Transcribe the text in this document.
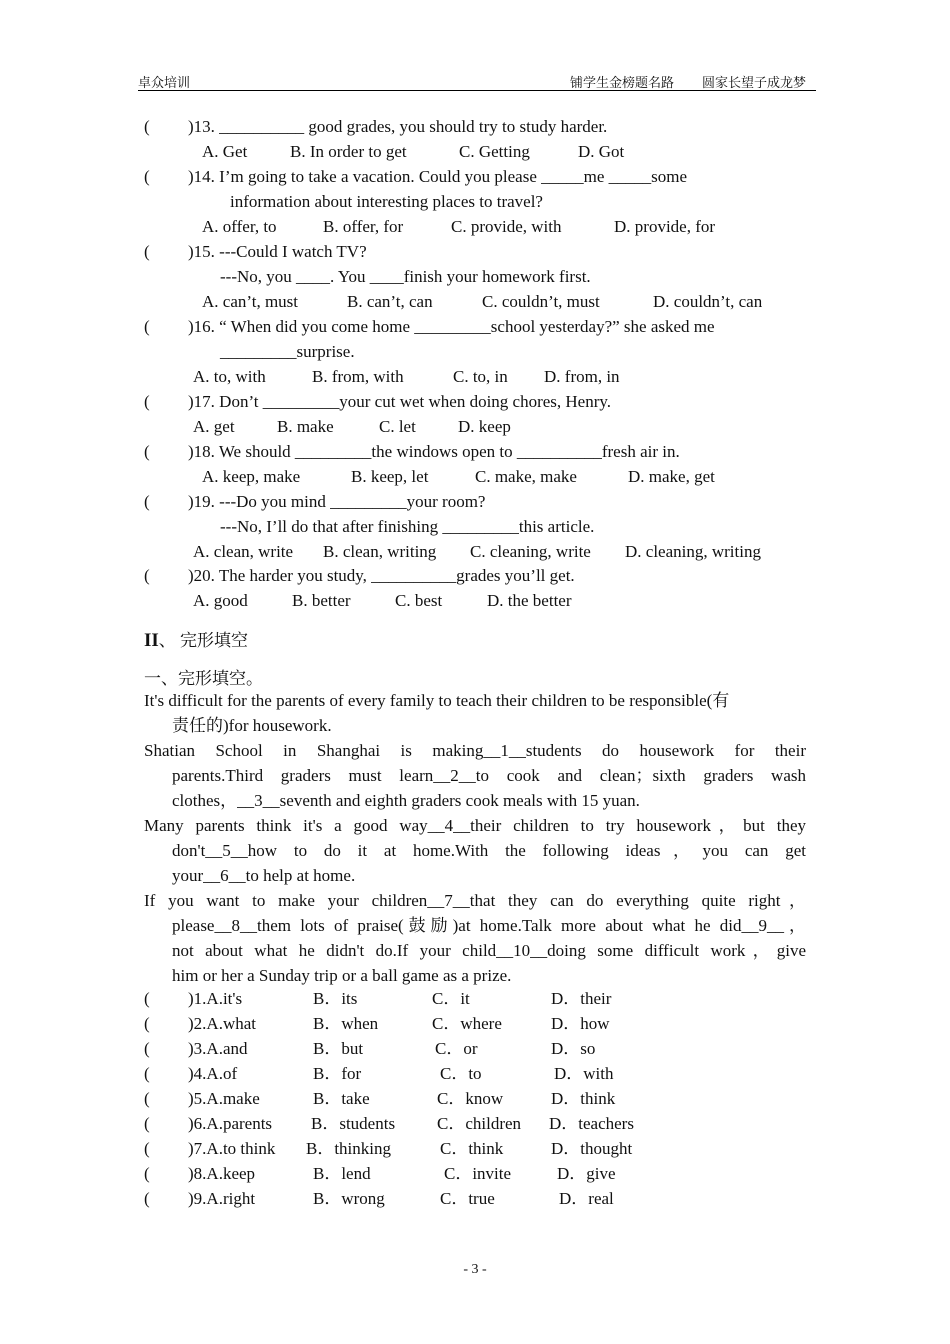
卓众培训	铺学生金榜题名路 圆家长望子成龙梦
( )13. __________ good grades, you should try to study harder.
A. Get	B. In order to get	C. Getting	D. Got
( )14. I’m going to take a vacation. Could you please _____me _____some
information about interesting places to travel?
A. offer, to	B. offer, for	C. provide, with	D. provide, for
( )15. ---Could I watch TV?
---No, you ____. You ____finish your homework first.
A. can’t, must	B. can’t, can	C. couldn’t, must	D. couldn’t, can
( )16. “ When did you come home _________school yesterday?” she asked me
_________surprise.
A. to, with	B. from, with	C. to, in D. from, in
( )17. Don’t _________your cut wet when doing chores, Henry.
A. get B. make	C. let D. keep
( )18. We should _________the windows open to __________fresh air in.
A. keep, make	B. keep, let	C. make, make	D. make, get
( )19. ---Do you mind _________your room?
---No, I’ll do that after finishing _________this article.
A. clean, write B. clean, writing C. cleaning, write D. cleaning, writing
( )20. The harder you study, __________grades you’ll get.
A. good	B. better	C. best	D. the better
II、 完形填空
一、完形填空。
It's difficult for the parents of every family to teach their children to be responsible(有
责任的)for housework.
Shatian School in Shanghai is making__1__students do housework for their
parents.Third graders must learn__2__to cook and clean；sixth graders wash
clothes，__3__seventh and eighth graders cook meals with 15 yuan.
Many parents think it's a good way__4__their children to try housework，but they
don't__5__how to do it at home.With the following ideas，you can get
your__6__to help at home.
If you want to make your children__7__that they can do everything quite right，
please__8__them lots of praise(鼓励)at home.Talk more about what he did__9__，
not about what he didn't do.If your child__10__doing some difficult work，give
him or her a Sunday trip or a ball game as a prize.
( )1.A.it's	B．its	C．it	D．their
( )2.A.what	B．when	C．where	D．how
( )3.A.and	B．but	C．or	D．so
( )4.A.of	B．for	C．to	D．with
( )5.A.make	B．take	C．know	D．think
( )6.A.parents B．students C．children D．teachers
( )7.A.to think B．thinking	C．think	D．thought
( )8.A.keep	B．lend	C．invite	D．give
( )9.A.right	B．wrong	C．true	D．real
- 3 -
